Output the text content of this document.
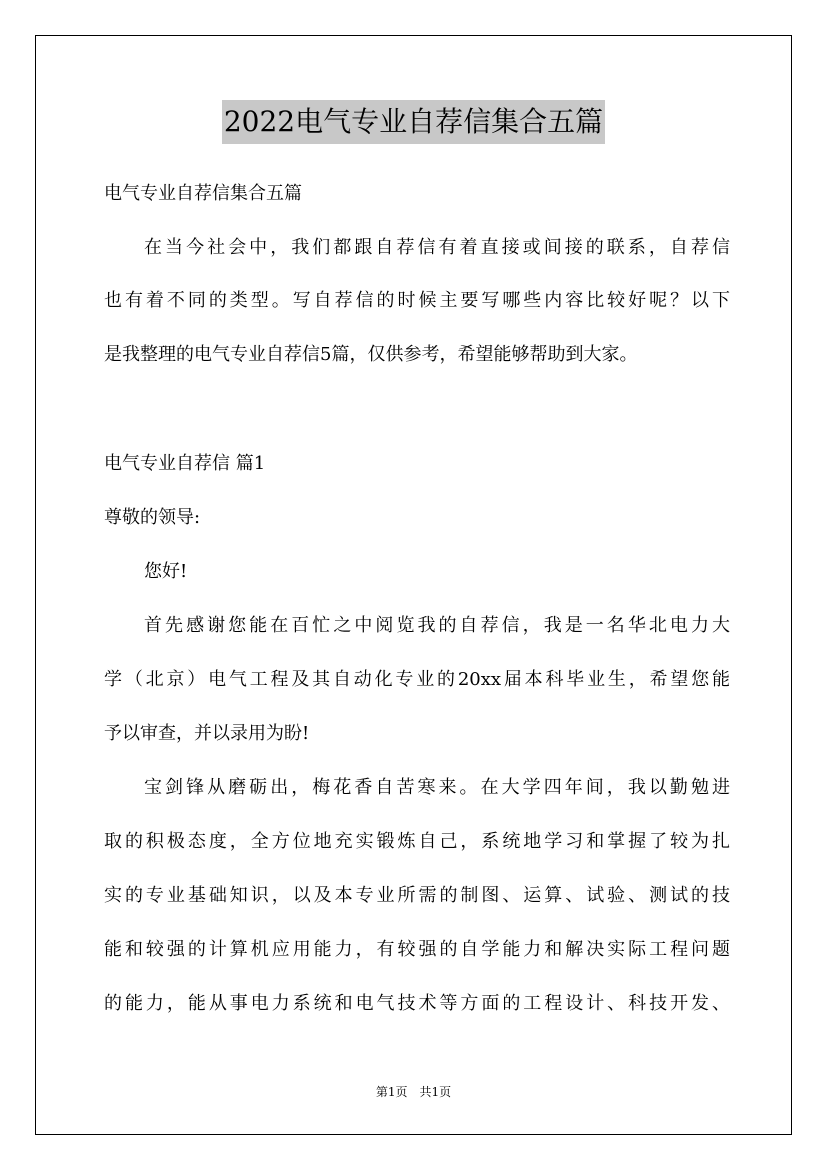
2022电气专业自荐信集合五篇
电气专业自荐信集合五篇
在当今社会中，我们都跟自荐信有着直接或间接的联系，自荐信
也有着不同的类型。写自荐信的时候主要写哪些内容比较好呢？以下
是我整理的电气专业自荐信5篇，仅供参考，希望能够帮助到大家。
电气专业自荐信 篇1
尊敬的领导:
您好!
首先感谢您能在百忙之中阅览我的自荐信，我是一名华北电力大
学（北京）电气工程及其自动化专业的20xx届本科毕业生，希望您能
予以审查，并以录用为盼!
宝剑锋从磨砺出，梅花香自苦寒来。在大学四年间，我以勤勉进
取的积极态度，全方位地充实锻炼自己，系统地学习和掌握了较为扎
实的专业基础知识，以及本专业所需的制图、运算、试验、测试的技
能和较强的计算机应用能力，有较强的自学能力和解决实际工程问题
的能力，能从事电力系统和电气技术等方面的工程设计、科技开发、
第1页　共1页
